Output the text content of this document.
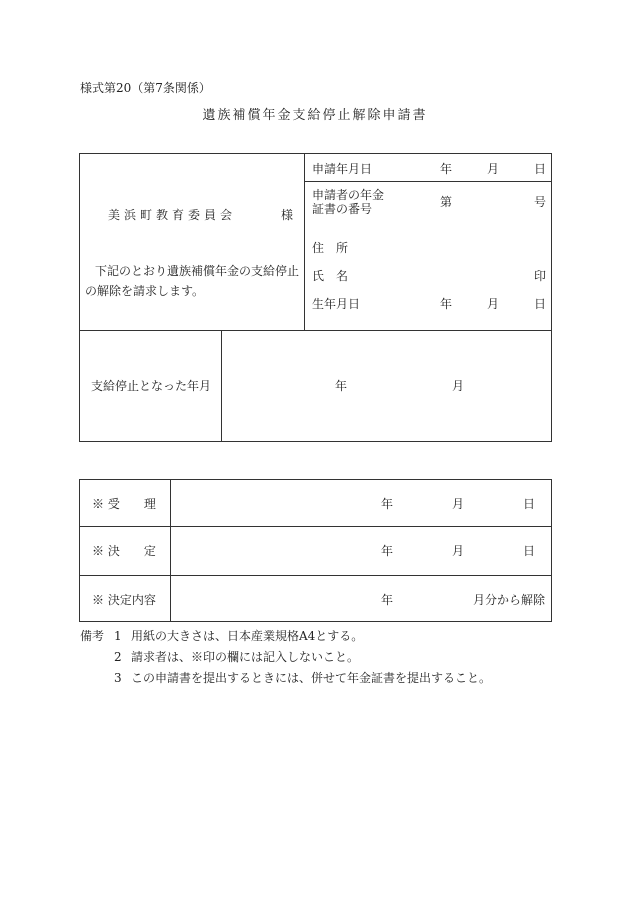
様式第20（第7条関係）
遺族補償年金支給停止解除申請書
美浜町教育委員会	様
下記のとおり遺族補償年金の支給停止
の解除を請求します。
申請年月日	年	月	日
申請者の年金
証書の番号	第	号
住　所
氏　名	印
生年月日	年	月	日
支給停止となった年月	年	月
※ 受　　理	年	月	日
※ 決　　定	年	月	日
※ 決定内容	年	月分から解除
備考 1 用紙の大きさは、日本産業規格A4とする。
2 請求者は、※印の欄には記入しないこと。
3 この申請書を提出するときには、併せて年金証書を提出すること。
